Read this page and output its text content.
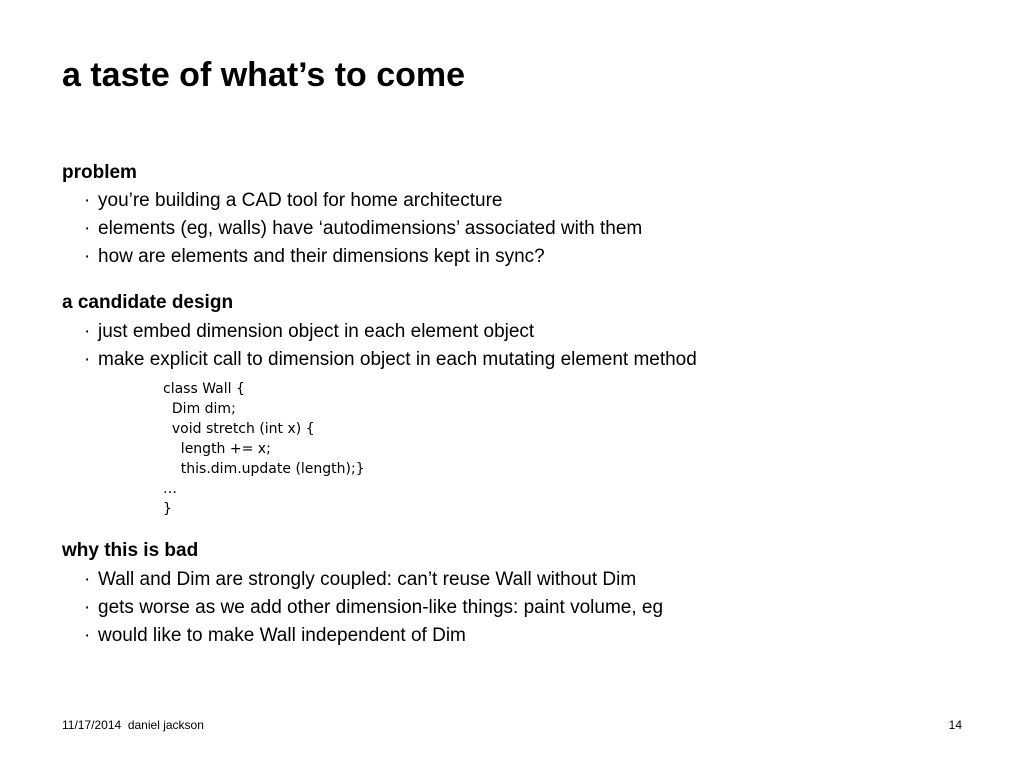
a taste of what’s to come
problem
· you’re building a CAD tool for home architecture
· elements (eg, walls) have ‘autodimensions’ associated with them
· how are elements and their dimensions kept in sync?
a candidate design
· just embed dimension object in each element object
· make explicit call to dimension object in each mutating element method
class Wall {
Dim dim;
void stretch (int x) {
length += x;
this.dim.update (length);}
…
}
why this is bad
· Wall and Dim are strongly coupled: can’t reuse Wall without Dim
· gets worse as we add other dimension-like things: paint volume, eg
· would like to make Wall independent of Dim
11/17/2014  daniel jackson	14
